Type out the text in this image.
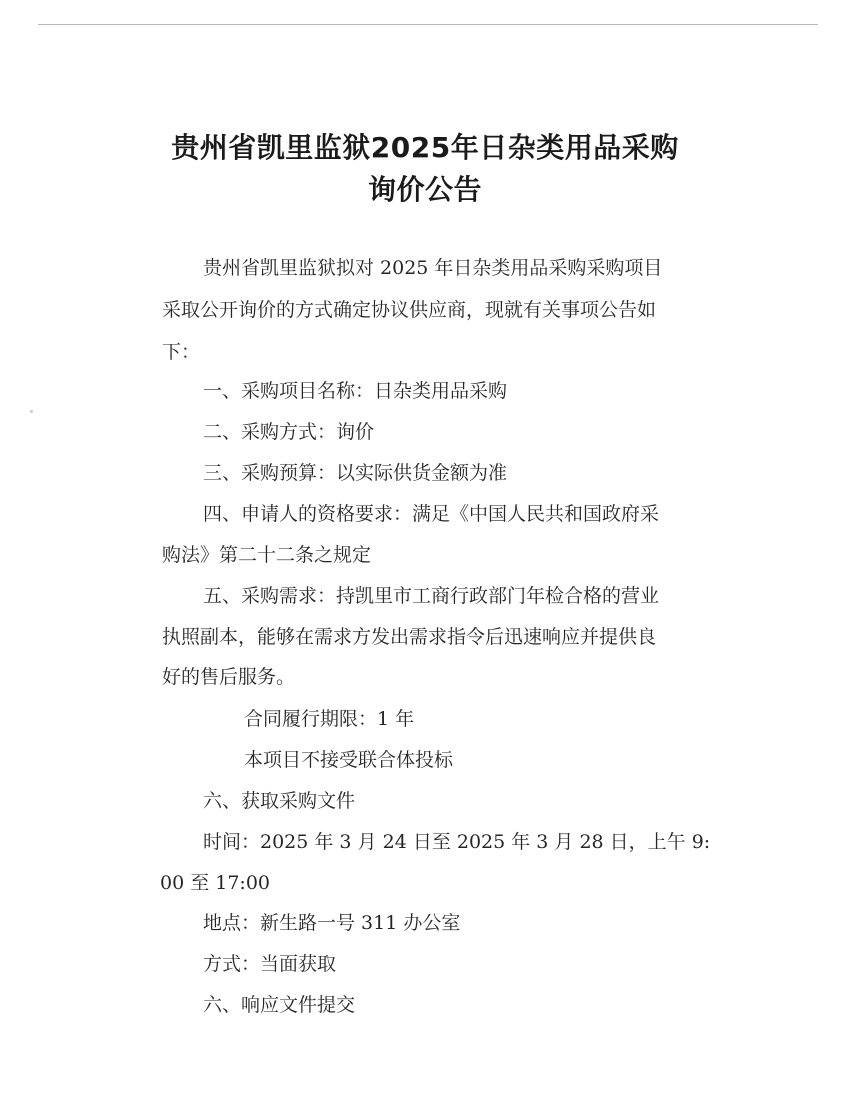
贵州省凯里监狱2025年日杂类用品采购
询价公告
贵州省凯里监狱拟对 2025 年日杂类用品采购采购项目
采取公开询价的方式确定协议供应商，现就有关事项公告如
下：
一、采购项目名称：日杂类用品采购
二、采购方式：询价
三、采购预算：以实际供货金额为准
四、申请人的资格要求：满足《中国人民共和国政府采
购法》第二十二条之规定
五、采购需求：持凯里市工商行政部门年检合格的营业
执照副本，能够在需求方发出需求指令后迅速响应并提供良
好的售后服务。
合同履行期限：1 年
本项目不接受联合体投标
六、获取采购文件
时间：2025 年 3 月 24 日至 2025 年 3 月 28 日，上午 9:
00 至 17:00
地点：新生路一号 311 办公室
方式：当面获取
六、响应文件提交
